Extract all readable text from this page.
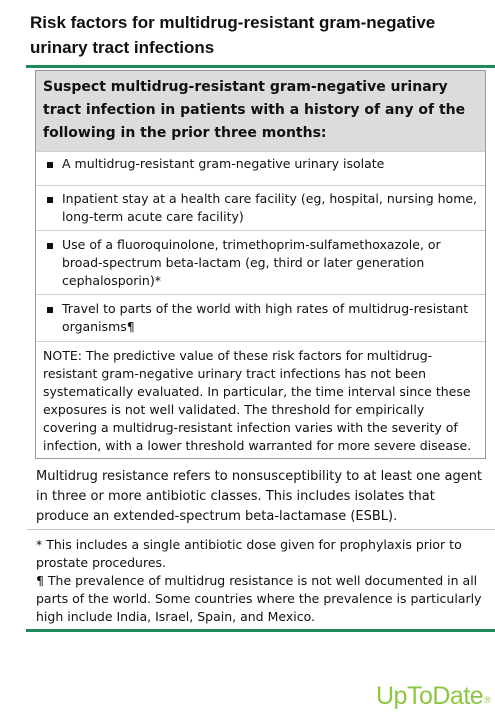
Risk factors for multidrug-resistant gram-negative urinary tract infections
Suspect multidrug-resistant gram-negative urinary tract infection in patients with a history of any of the following in the prior three months:
A multidrug-resistant gram-negative urinary isolate
Inpatient stay at a health care facility (eg, hospital, nursing home, long-term acute care facility)
Use of a fluoroquinolone, trimethoprim-sulfamethoxazole, or broad-spectrum beta-lactam (eg, third or later generation cephalosporin)*
Travel to parts of the world with high rates of multidrug-resistant organisms¶
NOTE: The predictive value of these risk factors for multidrug-resistant gram-negative urinary tract infections has not been systematically evaluated. In particular, the time interval since these exposures is not well validated. The threshold for empirically covering a multidrug-resistant infection varies with the severity of infection, with a lower threshold warranted for more severe disease.
Multidrug resistance refers to nonsusceptibility to at least one agent in three or more antibiotic classes. This includes isolates that produce an extended-spectrum beta-lactamase (ESBL).

* This includes a single antibiotic dose given for prophylaxis prior to prostate procedures.

¶ The prevalence of multidrug resistance is not well documented in all parts of the world. Some countries where the prevalence is particularly high include India, Israel, Spain, and Mexico.

UpToDate®
